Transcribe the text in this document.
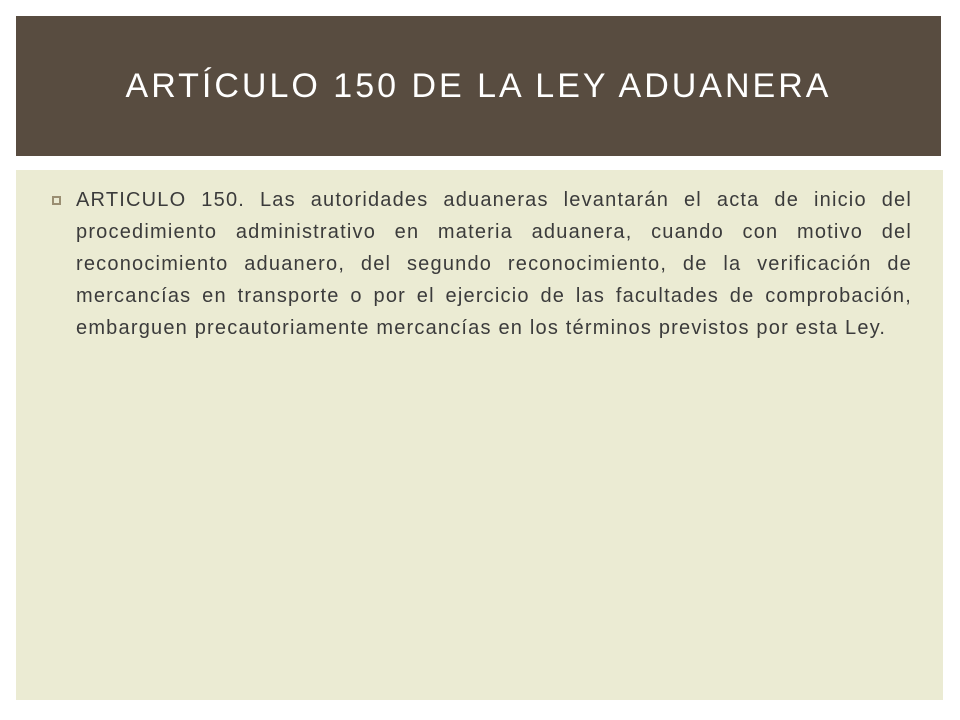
ARTÍCULO 150 DE LA LEY ADUANERA
ARTICULO 150. Las autoridades aduaneras levantarán el acta de inicio del procedimiento administrativo en materia aduanera, cuando con motivo del reconocimiento aduanero, del segundo reconocimiento, de la verificación de mercancías en transporte o por el ejercicio de las facultades de comprobación, embarguen precautoriamente mercancías en los términos previstos por esta Ley.
